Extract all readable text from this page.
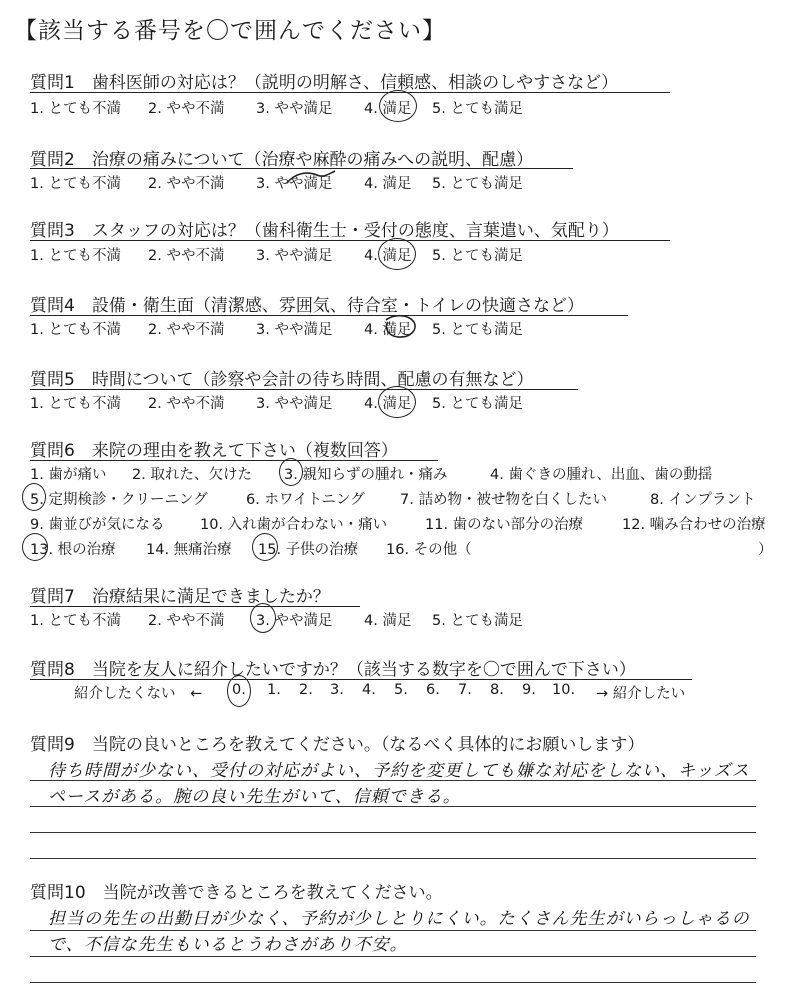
【該当する番号を〇で囲んでください】
質問1　歯科医師の対応は？（説明の明解さ、信頼感、相談のしやすさなど）
1. とても不満 2. やや不満 3. やや満足 4. 満足 5. とても満足
質問2　治療の痛みについて（治療や麻酔の痛みへの説明、配慮）
1. とても不満 2. やや不満 3. やや満足 4. 満足 5. とても満足
質問3　スタッフの対応は？（歯科衛生士・受付の態度、言葉遣い、気配り）
1. とても不満 2. やや不満 3. やや満足 4. 満足 5. とても満足
質問4　設備・衛生面（清潔感、雰囲気、待合室・トイレの快適さなど）
1. とても不満 2. やや不満 3. やや満足 4. 満足 5. とても満足
質問5　時間について（診察や会計の待ち時間、配慮の有無など）
1. とても不満 2. やや不満 3. やや満足 4. 満足 5. とても満足
質問6　来院の理由を教えて下さい（複数回答）
1. 歯が痛い 2. 取れた、欠けた 3. 親知らずの腫れ・痛み	4. 歯ぐきの腫れ、出血、歯の動揺
5. 定期検診・クリーニング	6. ホワイトニング 7. 詰め物・被せ物を白くしたい	8. インプラント
9. 歯並びが気になる 10. 入れ歯が合わない・痛い	11. 歯のない部分の治療	12. 噛み合わせの治療
13. 根の治療 14. 無痛治療 15. 子供の治療 16. その他（	）
質問7　治療結果に満足できましたか？
1. とても不満 2. やや不満 3. やや満足 4. 満足 5. とても満足
質問8　当院を友人に紹介したいですか？（該当する数字を〇で囲んで下さい）
紹介したくない　← 0. 1. 2. 3. 4. 5. 6. 7. 8. 9. 10. → 紹介したい
質問9　当院の良いところを教えてください。（なるべく具体的にお願いします）
待ち時間が少ない、受付の対応がよい、予約を変更しても嫌な対応をしない、キッズスペースがある。腕の良い先生がいて、信頼できる。
質問10　当院が改善できるところを教えてください。
担当の先生の出勤日が少なく、予約が少しとりにくい。たくさん先生がいらっしゃるので、不信な先生もいるとうわさがあり不安。
